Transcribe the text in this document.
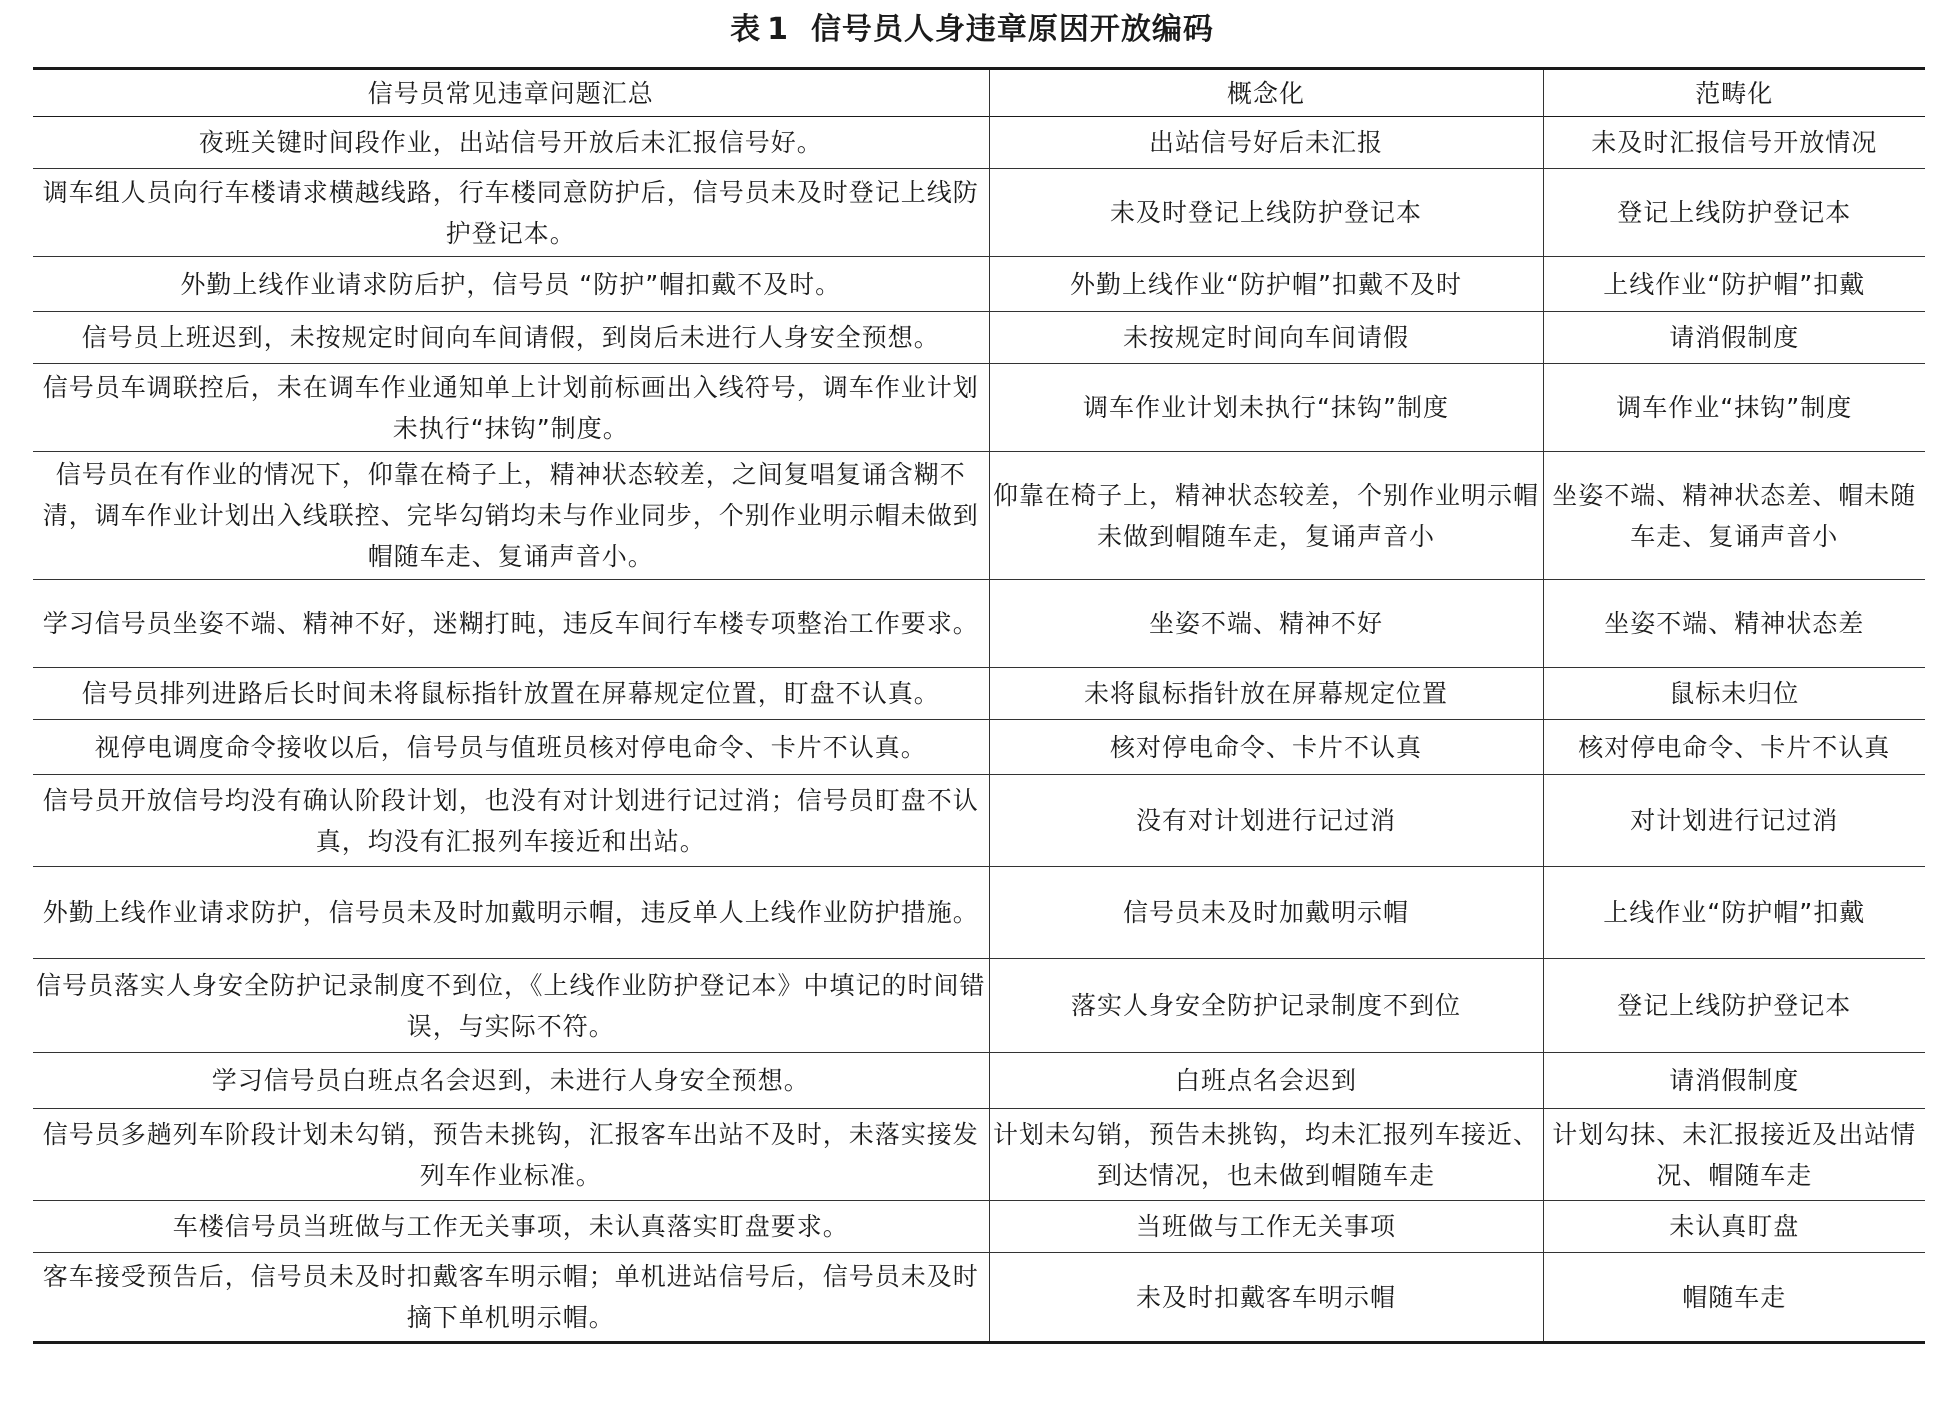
表 1 信号员人身违章原因开放编码
信号员常见违章问题汇总	概念化	范畴化
夜班关键时间段作业，出站信号开放后未汇报信号好。	出站信号好后未汇报	未及时汇报信号开放情况
调车组人员向行车楼请求横越线路，行车楼同意防护后，信号员未及时登记上线防护登记本。	未及时登记上线防护登记本	登记上线防护登记本
外勤上线作业请求防后护，信号员 “防护”帽扣戴不及时。	外勤上线作业“防护帽”扣戴不及时	上线作业“防护帽”扣戴
信号员上班迟到，未按规定时间向车间请假，到岗后未进行人身安全预想。	未按规定时间向车间请假	请消假制度
信号员车调联控后，未在调车作业通知单上计划前标画出入线符号，调车作业计划未执行“抹钩”制度。	调车作业计划未执行“抹钩”制度	调车作业“抹钩”制度
信号员在有作业的情况下，仰靠在椅子上，精神状态较差，之间复唱复诵含糊不清，调车作业计划出入线联控、完毕勾销均未与作业同步，个别作业明示帽未做到帽随车走、复诵声音小。	仰靠在椅子上，精神状态较差，个别作业明示帽未做到帽随车走，复诵声音小	坐姿不端、精神状态差、帽未随车走、复诵声音小
学习信号员坐姿不端、精神不好，迷糊打盹，违反车间行车楼专项整治工作要求。	坐姿不端、精神不好	坐姿不端、精神状态差
信号员排列进路后长时间未将鼠标指针放置在屏幕规定位置，盯盘不认真。	未将鼠标指针放在屏幕规定位置	鼠标未归位
视停电调度命令接收以后，信号员与值班员核对停电命令、卡片不认真。	核对停电命令、卡片不认真	核对停电命令、卡片不认真
信号员开放信号均没有确认阶段计划，也没有对计划进行记过消；信号员盯盘不认真，均没有汇报列车接近和出站。	没有对计划进行记过消	对计划进行记过消
外勤上线作业请求防护，信号员未及时加戴明示帽，违反单人上线作业防护措施。	信号员未及时加戴明示帽	上线作业“防护帽”扣戴
信号员落实人身安全防护记录制度不到位，《上线作业防护登记本》中填记的时间错误，与实际不符。	落实人身安全防护记录制度不到位	登记上线防护登记本
学习信号员白班点名会迟到，未进行人身安全预想。	白班点名会迟到	请消假制度
信号员多趟列车阶段计划未勾销，预告未挑钩，汇报客车出站不及时，未落实接发列车作业标准。	计划未勾销，预告未挑钩，均未汇报列车接近、到达情况，也未做到帽随车走	计划勾抹、未汇报接近及出站情况、帽随车走
车楼信号员当班做与工作无关事项，未认真落实盯盘要求。	当班做与工作无关事项	未认真盯盘
客车接受预告后，信号员未及时扣戴客车明示帽；单机进站信号后，信号员未及时摘下单机明示帽。	未及时扣戴客车明示帽	帽随车走
